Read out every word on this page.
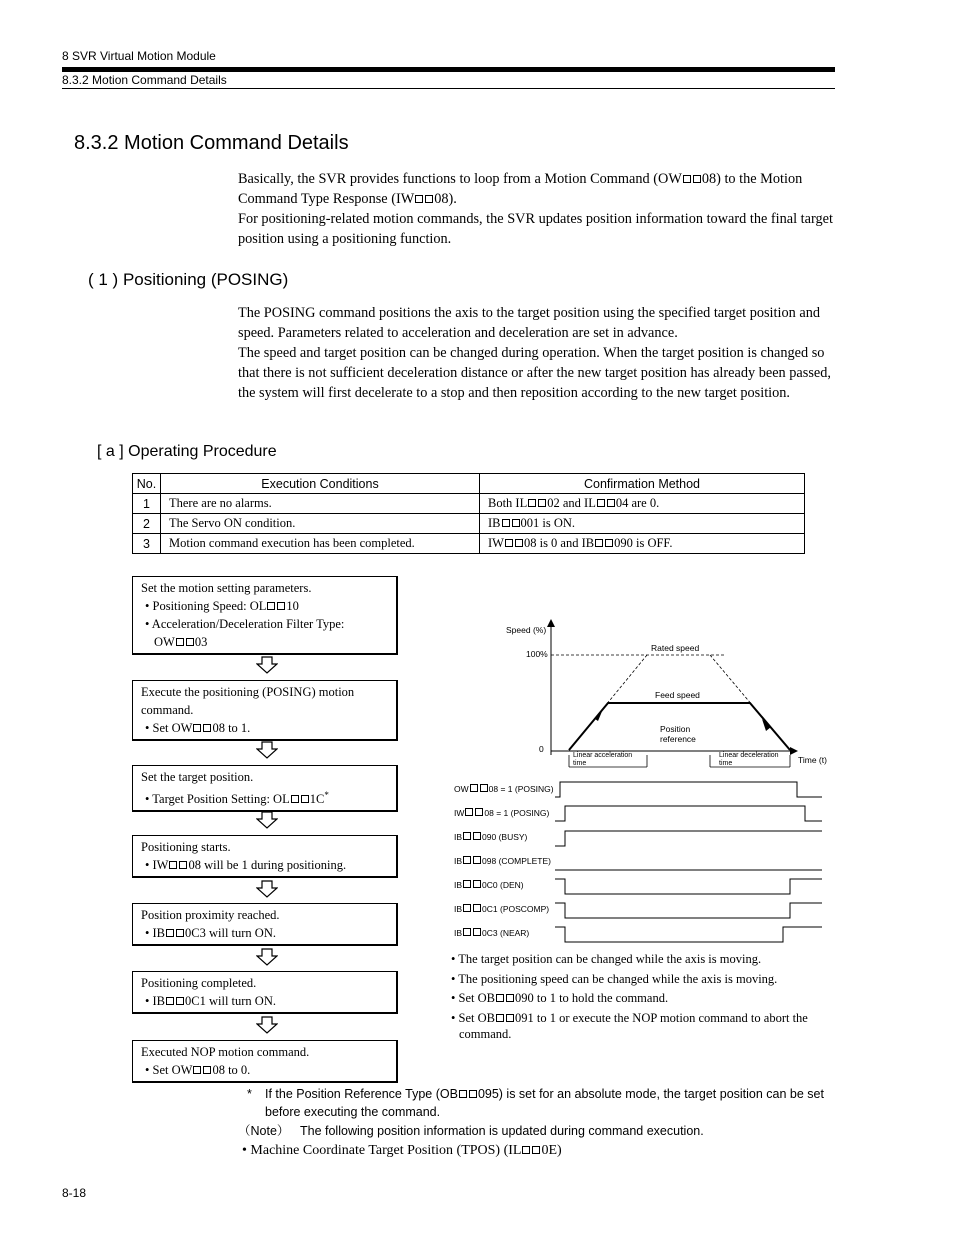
8 SVR Virtual Motion Module
8.3.2 Motion Command Details
8.3.2 Motion Command Details

Basically, the SVR provides functions to loop from a Motion Command (OW 08) to the Motion Command Type Response (IW 08).

For positioning-related motion commands, the SVR updates position information toward the final target position using a positioning function.

( 1 ) Positioning (POSING)

The POSING command positions the axis to the target position using the specified target position and speed. Parameters related to acceleration and deceleration are set in advance.

The speed and target position can be changed during operation. When the target position is changed so that there is not sufficient deceleration distance or after the new target position has already been passed, the system will first decelerate to a stop and then reposition according to the new target position.

[ a ] Operating Procedure
No.	Execution Conditions	Confirmation Method
1	There are no alarms.	Both IL 02 and IL 04 are 0.
2	The Servo ON condition.	IB 001 is ON.
3	Motion command execution has been completed.	IW 08 is 0 and IB 090 is OFF.
Set the motion setting parameters.
• Positioning Speed: OL 10
• Acceleration/Deceleration Filter Type:
OW 03
Execute the positioning (POSING) motion
command.
• Set OW 08 to 1.
Set the target position.
• Target Position Setting: OL 1C*
Positioning starts.
• IW 08 will be 1 during positioning.
Position proximity reached.
• IB 0C3 will turn ON.
Positioning completed.
• IB 0C1 will turn ON.
Executed NOP motion command.
• Set OW 08 to 0.
Speed (%)
100%
0
Time (t)
Rated speed
Feed speed
Position
reference
Linear acceleration
time
Linear deceleration
time
OW 08 = 1 (POSING)
IW 08 = 1 (POSING)
IB 090 (BUSY)
IB 098 (COMPLETE)
IB 0C0 (DEN)
IB 0C1 (POSCOMP)
IB 0C3 (NEAR)
• The target position can be changed while the axis is moving.
• The positioning speed can be changed while the axis is moving.
• Set OB 090 to 1 to hold the command.
• Set OB 091 to 1 or execute the NOP motion command to abort the command.
* If the Position Reference Type (OB 095) is set for an absolute mode, the target position can be set before executing the command.
（Note） The following position information is updated during command execution.
• Machine Coordinate Target Position (TPOS) (IL 0E)
8-18
